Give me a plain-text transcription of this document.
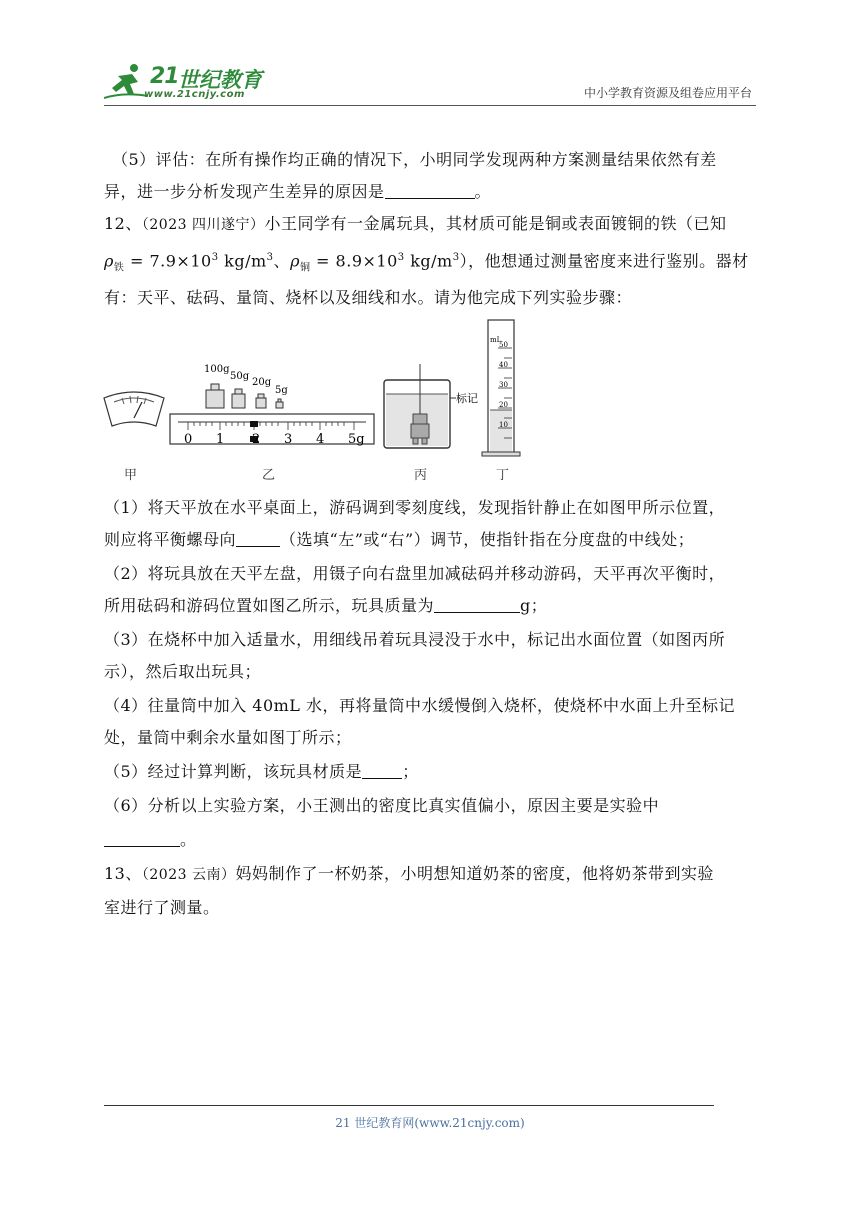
21 世纪教育
www.21cnjy.com	中小学教育资源及组卷应用平台
（5）评估：在所有操作均正确的情况下，小明同学发现两种方案测量结果依然有差
异，进一步分析发现产生差异的原因是	。
12、（2023 四川遂宁）小王同学有一金属玩具，其材质可能是铜或表面镀铜的铁（已知
$\rho_铁 = 7.9\times 10^3$ $kg/m^3$、$\rho_铜 = 8.9\times 10^3$ $kg/m^3$），他想通过测量密度来进行鉴别。器材
有：天平、砝码、量筒、烧杯以及细线和水。请为他完成下列实验步骤：
100g
50g
20g
5g
0 1 2 3 4 5g
标记
mL
50
40
30
20
10
甲	乙	丙	丁
（1）将天平放在水平桌面上，游码调到零刻度线，发现指针静止在如图甲所示位置，
则应将平衡螺母向	（选填“左”或“右”）调节，使指针指在分度盘的中线处；
（2）将玩具放在天平左盘，用镊子向右盘里加减砝码并移动游码，天平再次平衡时，
所用砝码和游码位置如图乙所示，玩具质量为	g；
（3）在烧杯中加入适量水，用细线吊着玩具浸没于水中，标记出水面位置（如图丙所
示），然后取出玩具；
（4）往量筒中加入 40mL 水，再将量筒中水缓慢倒入烧杯，使烧杯中水面上升至标记
处，量筒中剩余水量如图丁所示；
（5）经过计算判断，该玩具材质是	；
（6）分析以上实验方案，小王测出的密度比真实值偏小，原因主要是实验中
。
13、（2023 云南）妈妈制作了一杯奶茶，小明想知道奶茶的密度，他将奶茶带到实验
室进行了测量。
21 世纪教育网(www.21cnjy.com)
